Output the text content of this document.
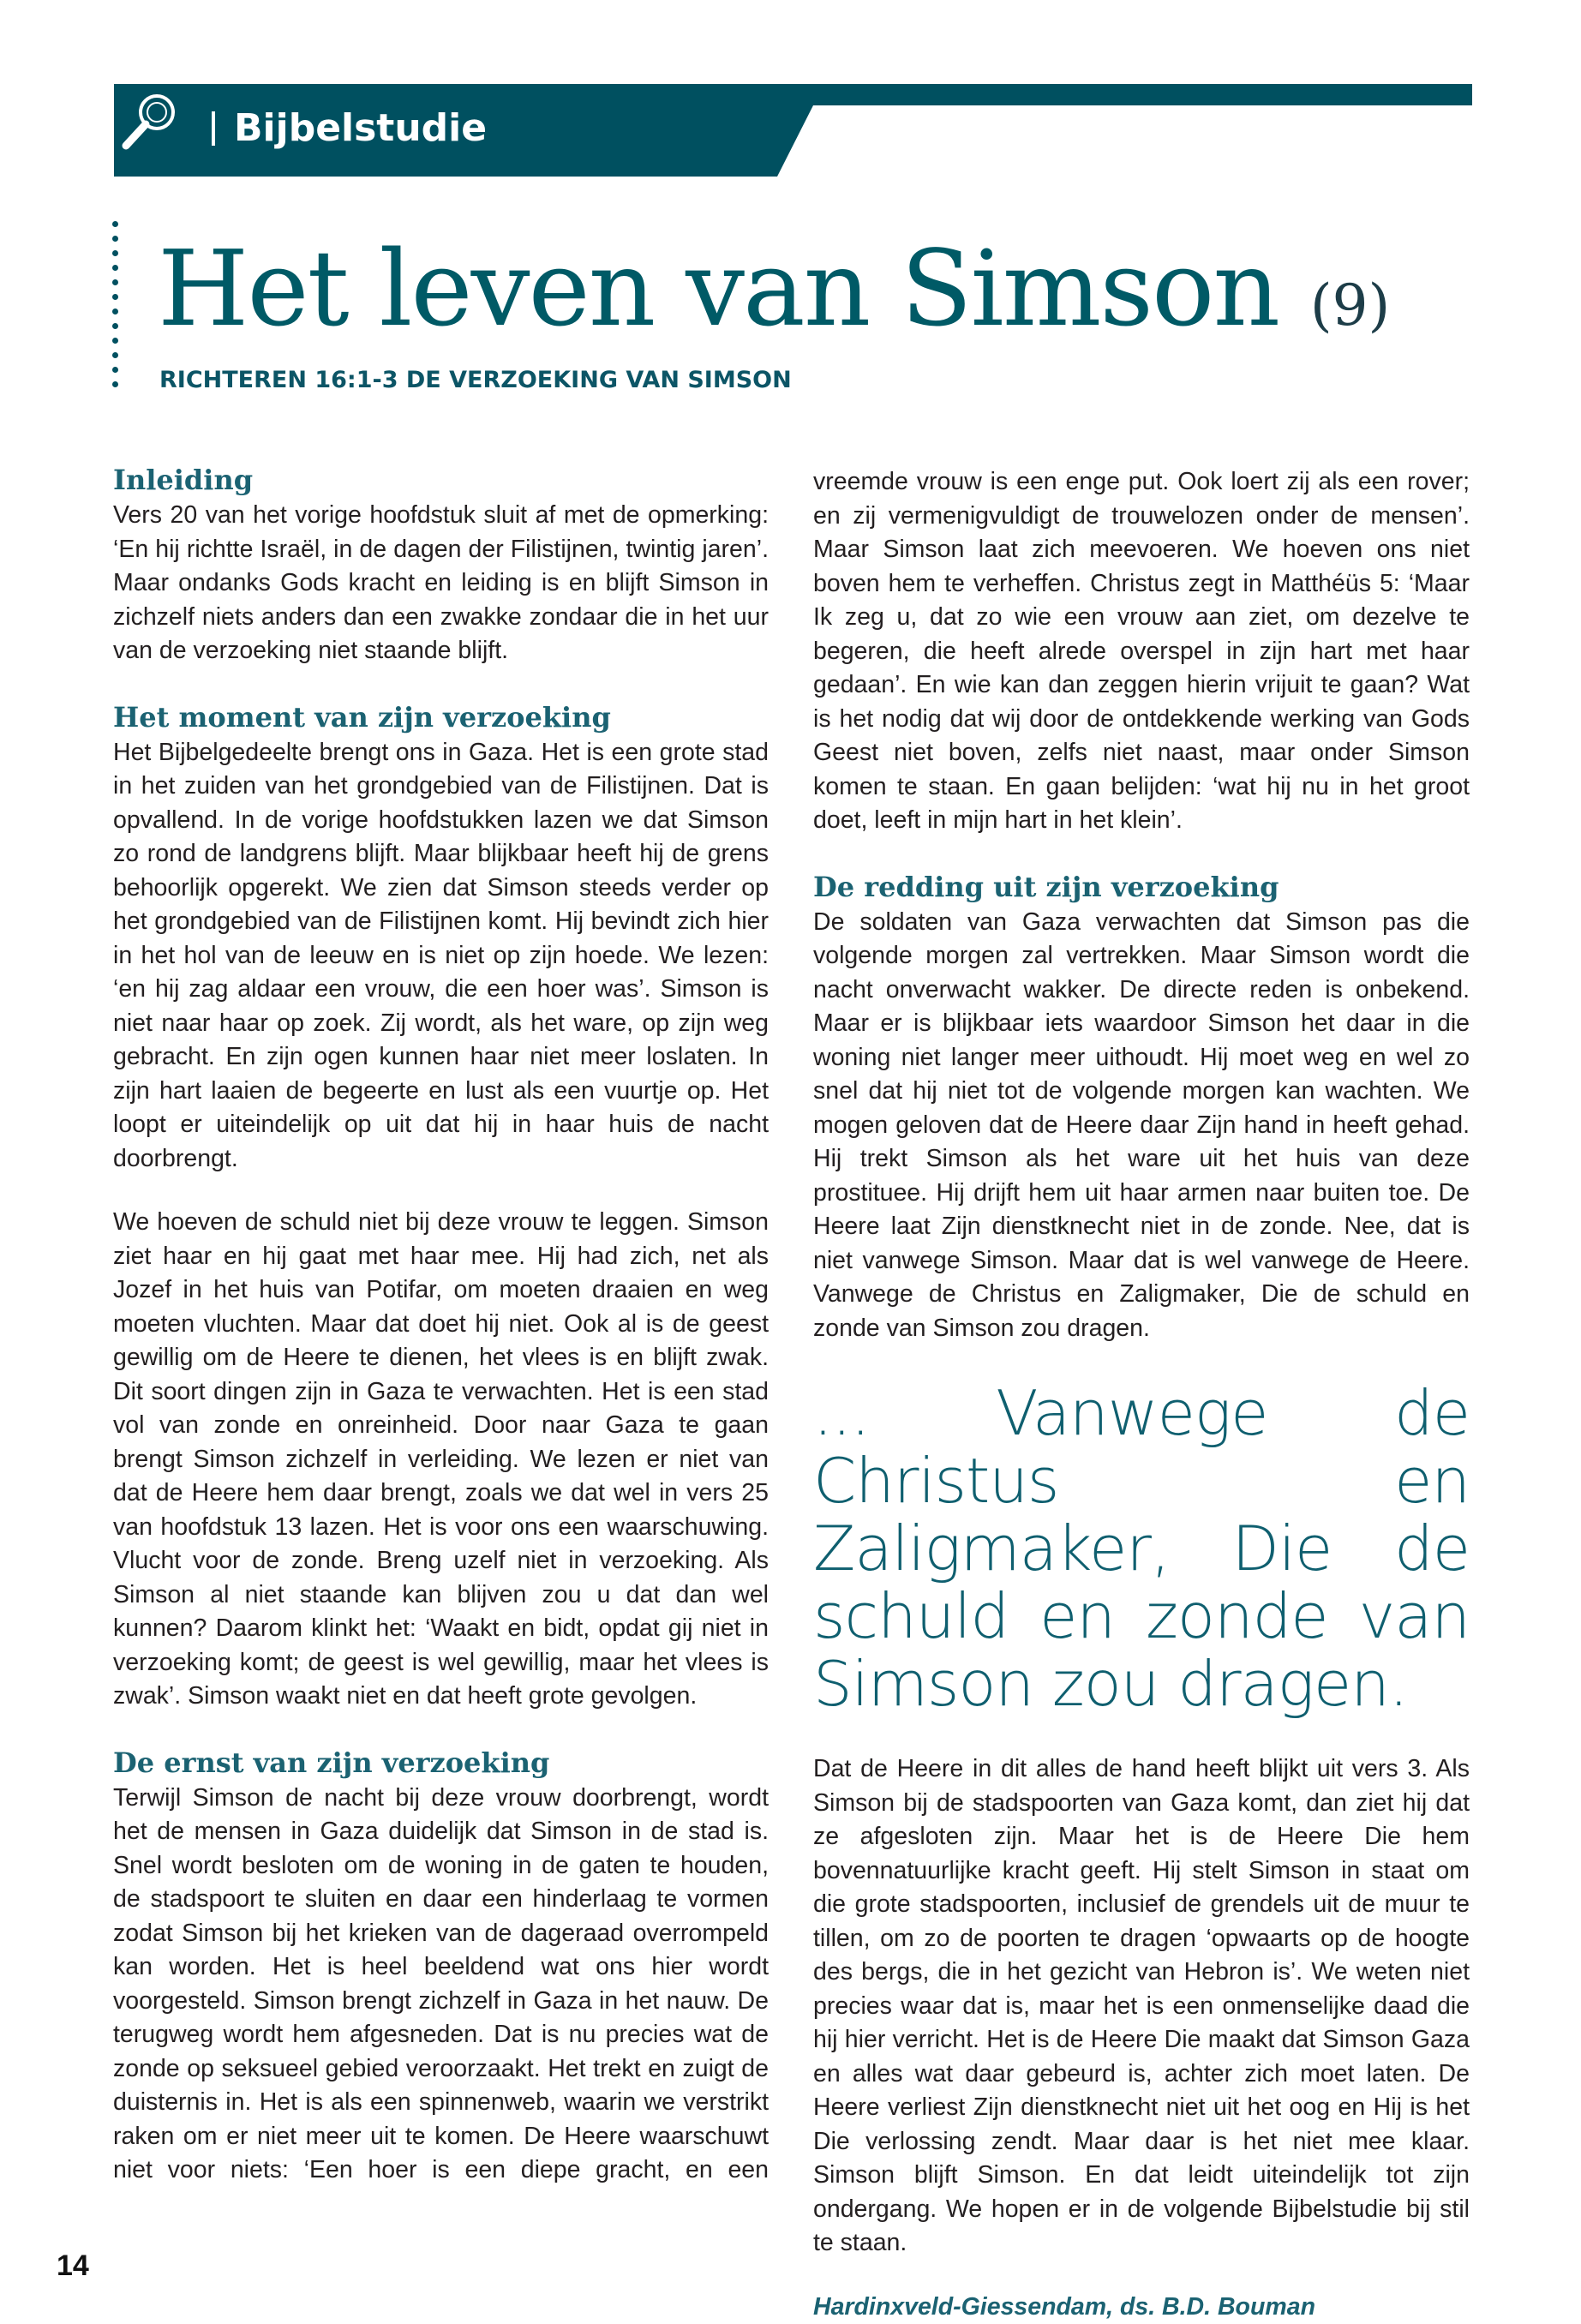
Bijbelstudie
Het leven van Simson (9)
RICHTEREN 16:1-3 DE VERZOEKING VAN SIMSON
Inleiding

Vers 20 van het vorige hoofdstuk sluit af met de opmerking: ‘En hij richtte Israël, in de dagen der Filistijnen, twintig jaren’. Maar ondanks Gods kracht en leiding is en blijft Simson in zichzelf niets anders dan een zwakke zondaar die in het uur van de verzoeking niet staande blijft.

Het moment van zijn verzoeking

Het Bijbelgedeelte brengt ons in Gaza. Het is een grote stad in het zuiden van het grondgebied van de Filistijnen. Dat is opvallend. In de vorige hoofdstukken lazen we dat Simson zo rond de landgrens blijft. Maar blijkbaar heeft hij de grens behoorlijk opgerekt. We zien dat Simson steeds verder op het grondgebied van de Filistijnen komt. Hij bevindt zich hier in het hol van de leeuw en is niet op zijn hoede. We lezen: ‘en hij zag aldaar een vrouw, die een hoer was’. Simson is niet naar haar op zoek. Zij wordt, als het ware, op zijn weg gebracht. En zijn ogen kunnen haar niet meer loslaten. In zijn hart laaien de begeerte en lust als een vuurtje op. Het loopt er uiteindelijk op uit dat hij in haar huis de nacht doorbrengt.

We hoeven de schuld niet bij deze vrouw te leggen. Simson ziet haar en hij gaat met haar mee. Hij had zich, net als Jozef in het huis van Potifar, om moeten draaien en weg moeten vluchten. Maar dat doet hij niet. Ook al is de geest gewillig om de Heere te dienen, het vlees is en blijft zwak. Dit soort dingen zijn in Gaza te verwachten. Het is een stad vol van zonde en onreinheid. Door naar Gaza te gaan brengt Simson zichzelf in verleiding. We lezen er niet van dat de Heere hem daar brengt, zoals we dat wel in vers 25 van hoofdstuk 13 lazen. Het is voor ons een waarschuwing. Vlucht voor de zonde. Breng uzelf niet in verzoeking. Als Simson al niet staande kan blijven zou u dat dan wel kunnen? Daarom klinkt het: ‘Waakt en bidt, opdat gij niet in verzoeking komt; de geest is wel gewillig, maar het vlees is zwak’. Simson waakt niet en dat heeft grote gevolgen.

De ernst van zijn verzoeking

Terwijl Simson de nacht bij deze vrouw doorbrengt, wordt het de mensen in Gaza duidelijk dat Simson in de stad is. Snel wordt besloten om de woning in de gaten te houden, de stadspoort te sluiten en daar een hinderlaag te vormen zodat Simson bij het krieken van de dageraad overrompeld kan worden. Het is heel beeldend wat ons hier wordt voorgesteld. Simson brengt zichzelf in Gaza in het nauw. De terugweg wordt hem afgesneden. Dat is nu precies wat de zonde op seksueel gebied veroorzaakt. Het trekt en zuigt de duisternis in. Het is als een spinnenweb, waarin we verstrikt raken om er niet meer uit te komen. De Heere waarschuwt niet voor niets: ‘Een hoer is een diepe gracht, en een

vreemde vrouw is een enge put. Ook loert zij als een rover; en zij vermenigvuldigt de trouwelozen onder de mensen’. Maar Simson laat zich meevoeren. We hoeven ons niet boven hem te verheffen. Christus zegt in Matthéüs 5: ‘Maar Ik zeg u, dat zo wie een vrouw aan ziet, om dezelve te begeren, die heeft alrede overspel in zijn hart met haar gedaan’. En wie kan dan zeggen hierin vrijuit te gaan? Wat is het nodig dat wij door de ontdekkende werking van Gods Geest niet boven, zelfs niet naast, maar onder Simson komen te staan. En gaan belijden: ‘wat hij nu in het groot doet, leeft in mijn hart in het klein’.

De redding uit zijn verzoeking

De soldaten van Gaza verwachten dat Simson pas die volgende morgen zal vertrekken. Maar Simson wordt die nacht onverwacht wakker. De directe reden is onbekend. Maar er is blijkbaar iets waardoor Simson het daar in die woning niet langer meer uithoudt. Hij moet weg en wel zo snel dat hij niet tot de volgende morgen kan wachten. We mogen geloven dat de Heere daar Zijn hand in heeft gehad. Hij trekt Simson als het ware uit het huis van deze prostituee. Hij drijft hem uit haar armen naar buiten toe. De Heere laat Zijn dienstknecht niet in de zonde. Nee, dat is niet vanwege Simson. Maar dat is wel vanwege de Heere. Vanwege de Christus en Zaligmaker, Die de schuld en zonde van Simson zou dragen.

... Vanwege de Christus en Zaligmaker, Die de schuld en zonde van Simson zou dragen.

Dat de Heere in dit alles de hand heeft blijkt uit vers 3. Als Simson bij de stadspoorten van Gaza komt, dan ziet hij dat ze afgesloten zijn. Maar het is de Heere Die hem bovennatuurlijke kracht geeft. Hij stelt Simson in staat om die grote stadspoorten, inclusief de grendels uit de muur te tillen, om zo de poorten te dragen ‘opwaarts op de hoogte des bergs, die in het gezicht van Hebron is’. We weten niet precies waar dat is, maar het is een onmenselijke daad die hij hier verricht. Het is de Heere Die maakt dat Simson Gaza en alles wat daar gebeurd is, achter zich moet laten. De Heere verliest Zijn dienstknecht niet uit het oog en Hij is het Die verlossing zendt. Maar daar is het niet mee klaar. Simson blijft Simson. En dat leidt uiteindelijk tot zijn ondergang. We hopen er in de volgende Bijbelstudie bij stil te staan.

Hardinxveld-Giessendam, ds. B.D. Bouman

14
